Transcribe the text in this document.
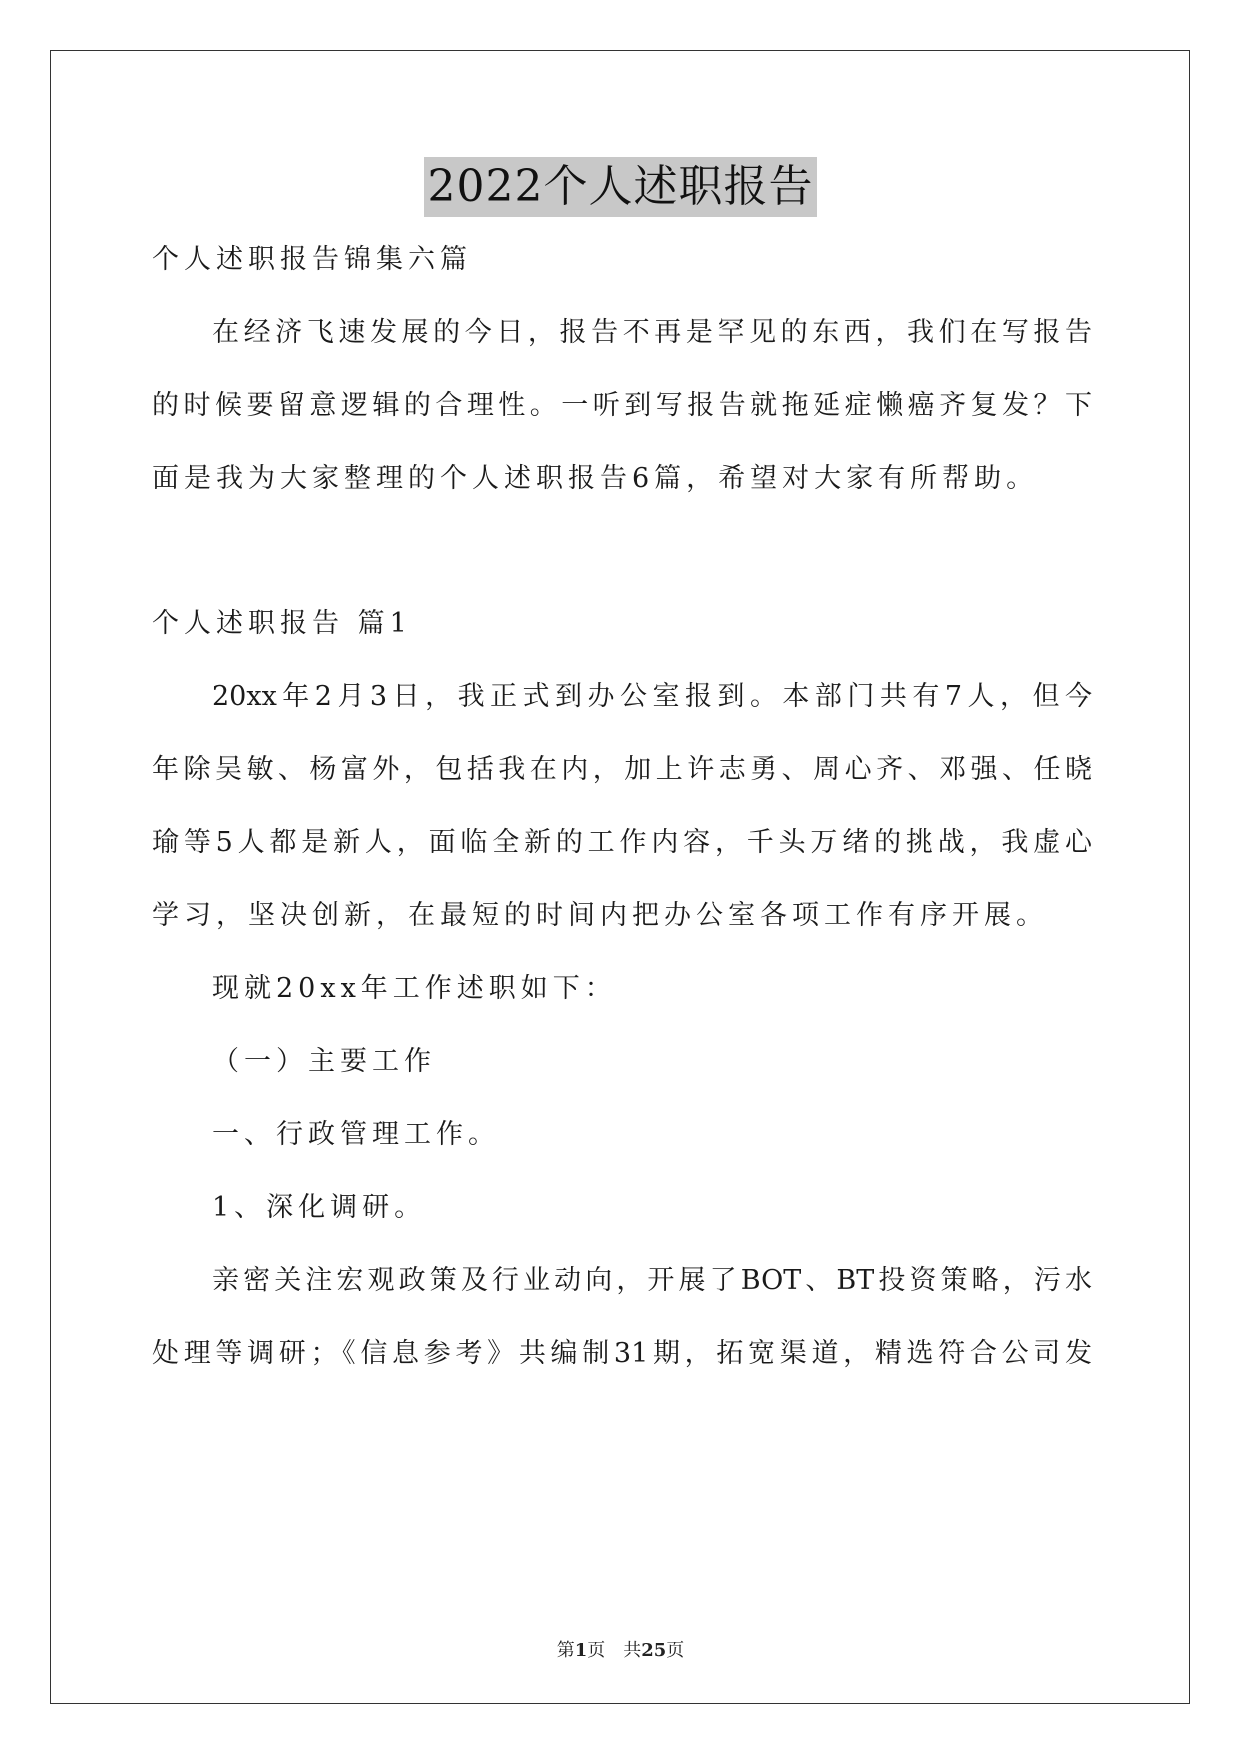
2022个人述职报告
个人述职报告锦集六篇
在经济飞速发展的今日，报告不再是罕见的东西，我们在写报告
的时候要留意逻辑的合理性。一听到写报告就拖延症懒癌齐复发？下
面是我为大家整理的个人述职报告6篇，希望对大家有所帮助。
个人述职报告 篇1
20xx年2月3日，我正式到办公室报到。本部门共有7人，但今
年除吴敏、杨富外，包括我在内，加上许志勇、周心齐、邓强、任晓
瑜等5人都是新人，面临全新的工作内容，千头万绪的挑战，我虚心
学习，坚决创新，在最短的时间内把办公室各项工作有序开展。
现就20xx年工作述职如下：
（一）主要工作
一、行政管理工作。
1、深化调研。
亲密关注宏观政策及行业动向，开展了BOT、BT投资策略，污水
处理等调研；《信息参考》共编制31期，拓宽渠道，精选符合公司发
第1页　共25页
